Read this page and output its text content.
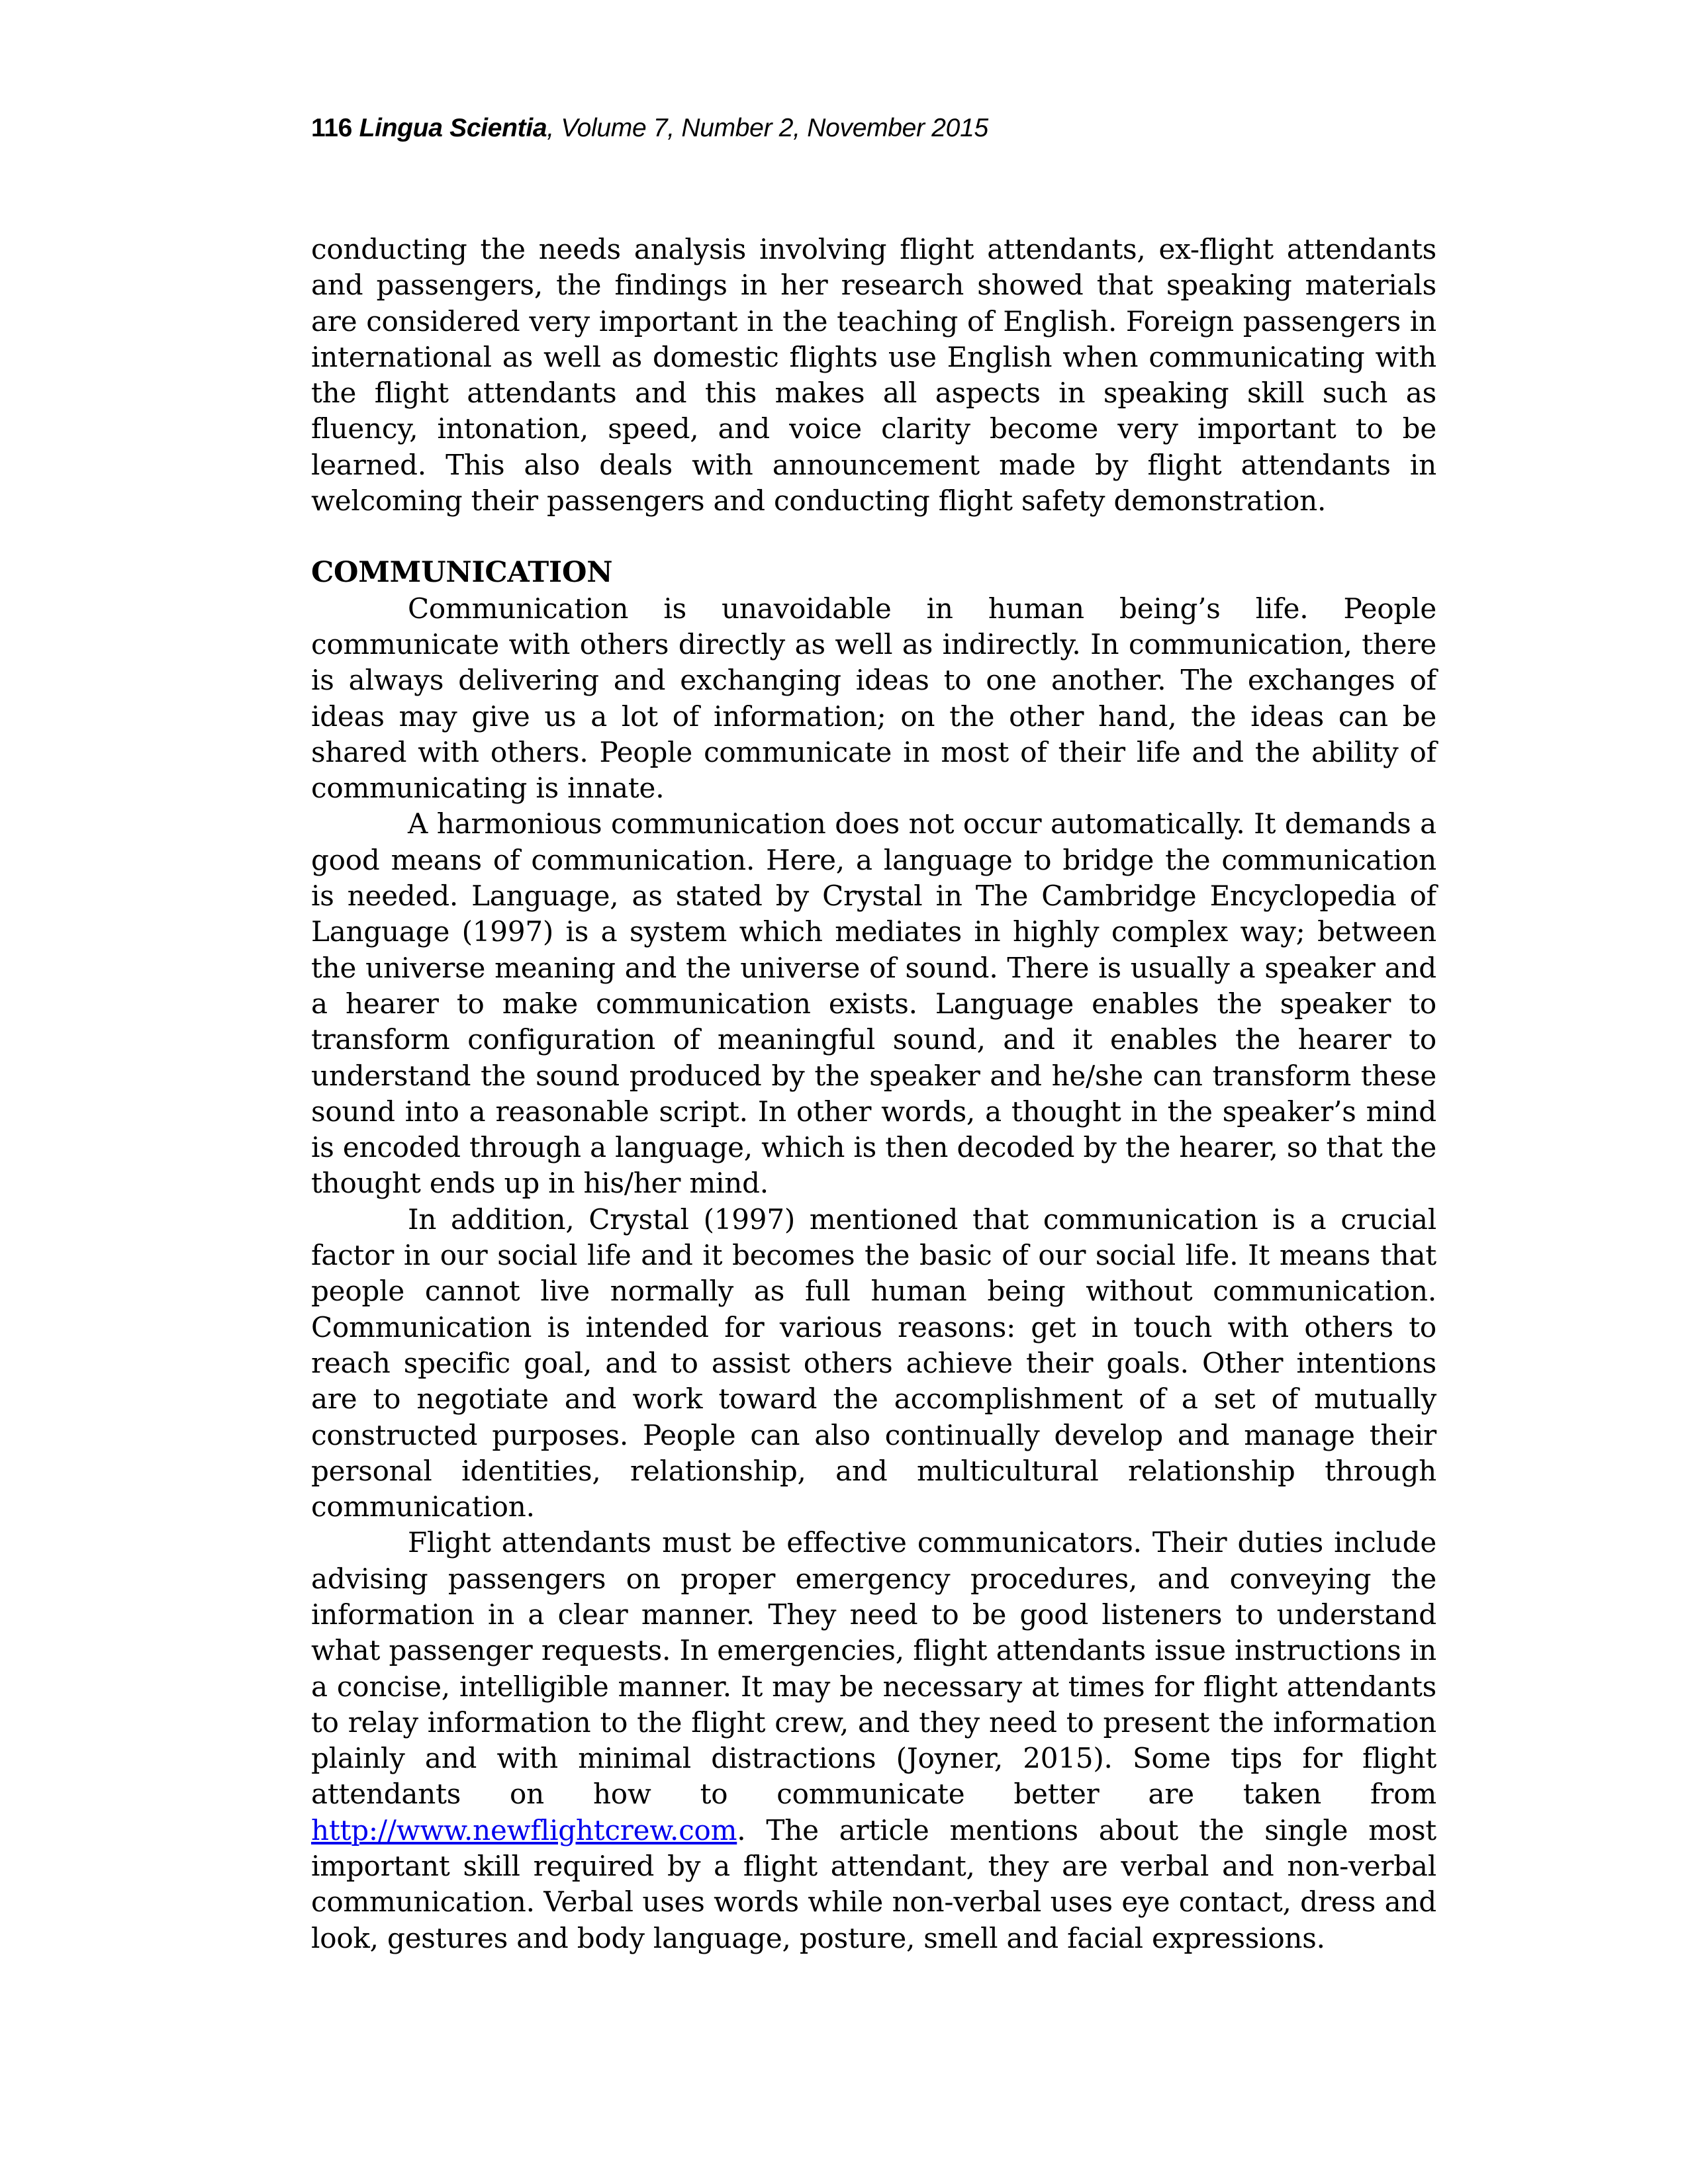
116 Lingua Scientia, Volume 7, Number 2, November 2015

conducting the needs analysis involving flight attendants, ex-flight attendants and passengers, the findings in her research showed that speaking materials are considered very important in the teaching of English. Foreign passengers in international as well as domestic flights use English when communicating with the flight attendants and this makes all aspects in speaking skill such as fluency, intonation, speed, and voice clarity become very important to be learned. This also deals with announcement made by flight attendants in welcoming their passengers and conducting flight safety demonstration.

COMMUNICATION

Communication is unavoidable in human being’s life. People communicate with others directly as well as indirectly. In communication, there is always delivering and exchanging ideas to one another. The exchanges of ideas may give us a lot of information; on the other hand, the ideas can be shared with others. People communicate in most of their life and the ability of communicating is innate.

A harmonious communication does not occur automatically. It demands a good means of communication. Here, a language to bridge the communication is needed. Language, as stated by Crystal in The Cambridge Encyclopedia of Language (1997) is a system which mediates in highly complex way; between the universe meaning and the universe of sound. There is usually a speaker and a hearer to make communication exists. Language enables the speaker to transform configuration of meaningful sound, and it enables the hearer to understand the sound produced by the speaker and he/she can transform these sound into a reasonable script. In other words, a thought in the speaker’s mind is encoded through a language, which is then decoded by the hearer, so that the thought ends up in his/her mind.

In addition, Crystal (1997) mentioned that communication is a crucial factor in our social life and it becomes the basic of our social life. It means that people cannot live normally as full human being without communication. Communication is intended for various reasons: get in touch with others to reach specific goal, and to assist others achieve their goals. Other intentions are to negotiate and work toward the accomplishment of a set of mutually constructed purposes. People can also continually develop and manage their personal identities, relationship, and multicultural relationship through communication.

Flight attendants must be effective communicators. Their duties include advising passengers on proper emergency procedures, and conveying the information in a clear manner. They need to be good listeners to understand what passenger requests. In emergencies, flight attendants issue instructions in a concise, intelligible manner. It may be necessary at times for flight attendants to relay information to the flight crew, and they need to present the information plainly and with minimal distractions (Joyner, 2015). Some tips for flight attendants on how to communicate better are taken from http://www.newflightcrew.com. The article mentions about the single most important skill required by a flight attendant, they are verbal and non-verbal communication. Verbal uses words while non-verbal uses eye contact, dress and look, gestures and body language, posture, smell and facial expressions.
